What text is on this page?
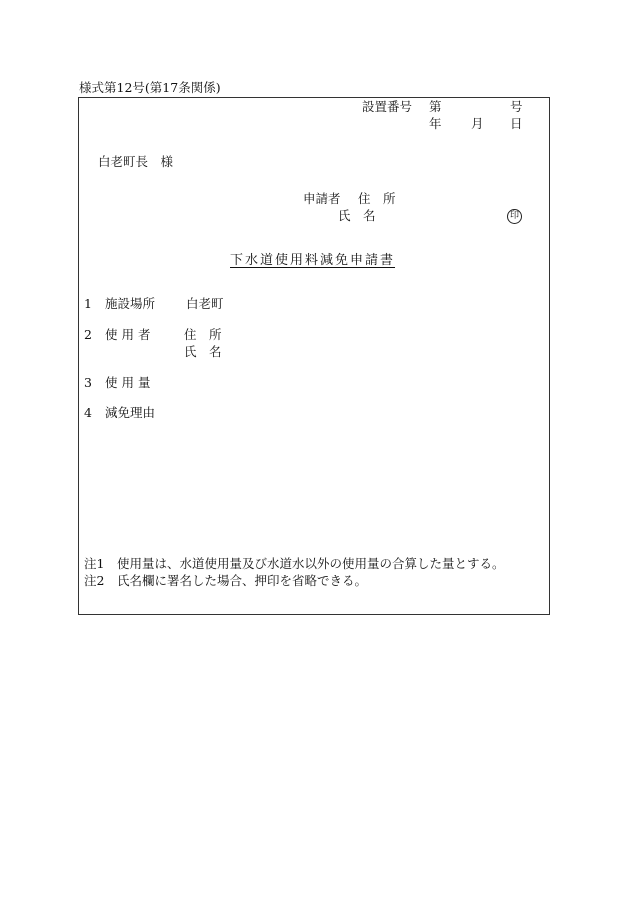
様式第12号(第17条関係)
設置番号 第	号
年 月 日
白老町長　様
申請者 住　所
氏　名	印
下水道使用料減免申請書
1 施設場所 白老町
2 使 用 者	住　所
氏　名
3 使 用 量
4 減免理由
注1　使用量は、水道使用量及び水道水以外の使用量の合算した量とする。
注2　氏名欄に署名した場合、押印を省略できる。
